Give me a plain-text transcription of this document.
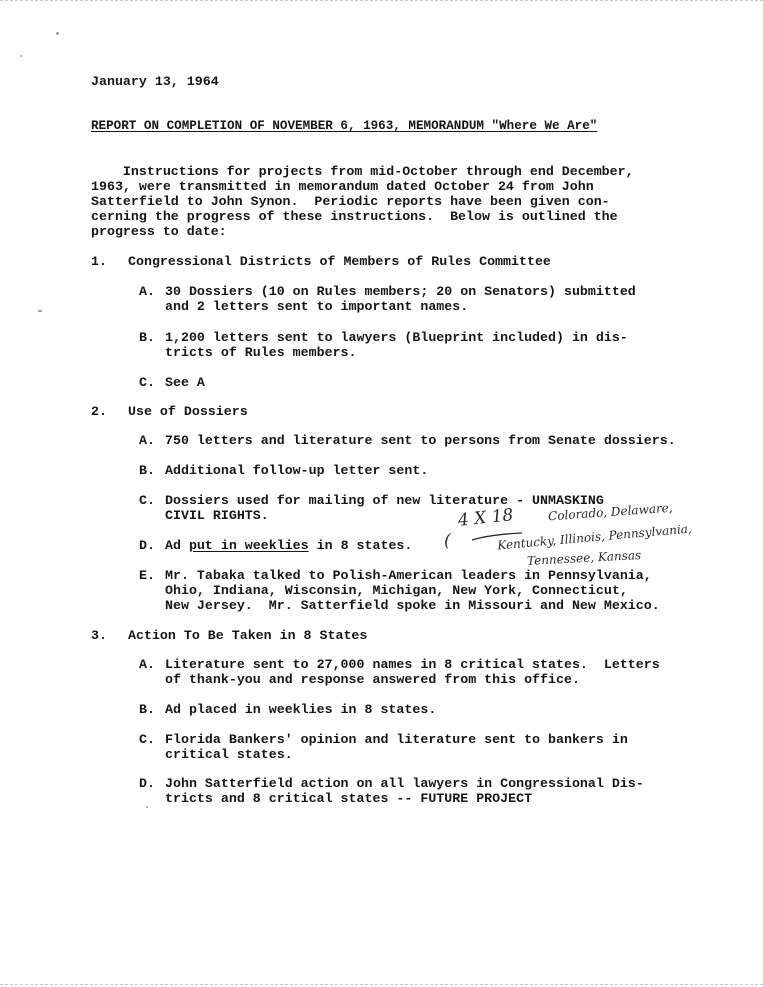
January 13, 1964
REPORT ON COMPLETION OF NOVEMBER 6, 1963, MEMORANDUM "Where We Are"
Instructions for projects from mid-October through end December,
1963, were transmitted in memorandum dated October 24 from John
Satterfield to John Synon.  Periodic reports have been given con-
cerning the progress of these instructions.  Below is outlined the
progress to date:
1. Congressional Districts of Members of Rules Committee
A. 30 Dossiers (10 on Rules members; 20 on Senators) submitted
and 2 letters sent to important names.
B. 1,200 letters sent to lawyers (Blueprint included) in dis-
tricts of Rules members.
C. See A
2. Use of Dossiers
A. 750 letters and literature sent to persons from Senate dossiers.
B. Additional follow-up letter sent.
C. Dossiers used for mailing of new literature - UNMASKING
CIVIL RIGHTS.
D. Ad put in weeklies in 8 states. (
4 X 18	Colorado, Delaware,
Kentucky, Illinois, Pennsylvania,
Tennessee, Kansas
E. Mr. Tabaka talked to Polish-American leaders in Pennsylvania,
Ohio, Indiana, Wisconsin, Michigan, New York, Connecticut,
New Jersey.  Mr. Satterfield spoke in Missouri and New Mexico.
3. Action To Be Taken in 8 States
A. Literature sent to 27,000 names in 8 critical states.  Letters
of thank-you and response answered from this office.
B. Ad placed in weeklies in 8 states.
C. Florida Bankers' opinion and literature sent to bankers in
critical states.
D. John Satterfield action on all lawyers in Congressional Dis-
tricts and 8 critical states -- FUTURE PROJECT
